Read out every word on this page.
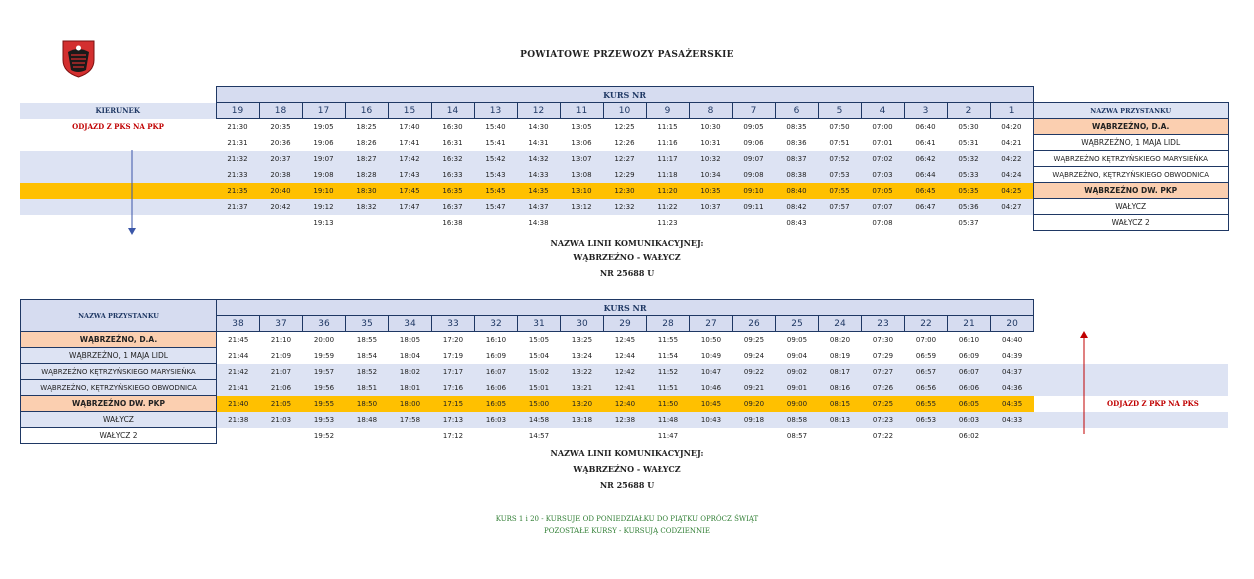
POWIATOWE PRZEWOZY PASAŻERSKIE
	KURS NR																			
KIERUNEK	19	18	17	16	15	14	13	12	11	10	9	8	7	6	5	4	3	2	1	NAZWA PRZYSTANKU
ODJAZD Z PKS NA PKP	21:30	20:35	19:05	18:25	17:40	16:30	15:40	14:30	13:05	12:25	11:15	10:30	09:05	08:35	07:50	07:00	06:40	05:30	04:20	WĄBRZEŹNO, D.A.
	21:31	20:36	19:06	18:26	17:41	16:31	15:41	14:31	13:06	12:26	11:16	10:31	09:06	08:36	07:51	07:01	06:41	05:31	04:21	WĄBRZEŹNO, 1 MAJA LIDL
	21:32	20:37	19:07	18:27	17:42	16:32	15:42	14:32	13:07	12:27	11:17	10:32	09:07	08:37	07:52	07:02	06:42	05:32	04:22	WĄBRZEŹNO KĘTRZYŃSKIEGO MARYSIEŃKA
	21:33	20:38	19:08	18:28	17:43	16:33	15:43	14:33	13:08	12:29	11:18	10:34	09:08	08:38	07:53	07:03	06:44	05:33	04:24	WĄBRZEŹNO, KĘTRZYŃSKIEGO OBWODNICA
	21:35	20:40	19:10	18:30	17:45	16:35	15:45	14:35	13:10	12:30	11:20	10:35	09:10	08:40	07:55	07:05	06:45	05:35	04:25	WĄBRZEŹNO DW. PKP
	21:37	20:42	19:12	18:32	17:47	16:37	15:47	14:37	13:12	12:32	11:22	10:37	09:11	08:42	07:57	07:07	06:47	05:36	04:27	WAŁYCZ
			19:13			16:38		14:38			11:23			08:43		07:08		05:37		WAŁYCZ 2
NAZWA LINII KOMUNIKACYJNEJ:
WĄBRZEŹNO - WAŁYCZ
NR 25688 U
NAZWA PRZYSTANKU	KURS NR																			
	38	37	36	35	34	33	32	31	30	29	28	27	26	25	24	23	22	21	20	
WĄBRZEŹNO, D.A.	21:45	21:10	20:00	18:55	18:05	17:20	16:10	15:05	13:25	12:45	11:55	10:50	09:25	09:05	08:20	07:30	07:00	06:10	04:40	
WĄBRZEŹNO, 1 MAJA LIDL	21:44	21:09	19:59	18:54	18:04	17:19	16:09	15:04	13:24	12:44	11:54	10:49	09:24	09:04	08:19	07:29	06:59	06:09	04:39	
WĄBRZEŹNO KĘTRZYŃSKIEGO MARYSIEŃKA	21:42	21:07	19:57	18:52	18:02	17:17	16:07	15:02	13:22	12:42	11:52	10:47	09:22	09:02	08:17	07:27	06:57	06:07	04:37	
WĄBRZEŹNO, KĘTRZYŃSKIEGO OBWODNICA	21:41	21:06	19:56	18:51	18:01	17:16	16:06	15:01	13:21	12:41	11:51	10:46	09:21	09:01	08:16	07:26	06:56	06:06	04:36	
WĄBRZEŹNO DW. PKP	21:40	21:05	19:55	18:50	18:00	17:15	16:05	15:00	13:20	12:40	11:50	10:45	09:20	09:00	08:15	07:25	06:55	06:05	04:35	ODJAZD Z PKP NA PKS
WAŁYCZ	21:38	21:03	19:53	18:48	17:58	17:13	16:03	14:58	13:18	12:38	11:48	10:43	09:18	08:58	08:13	07:23	06:53	06:03	04:33	
WAŁYCZ 2			19:52			17:12		14:57			11:47			08:57		07:22		06:02		
NAZWA LINII KOMUNIKACYJNEJ:
WĄBRZEŹNO - WAŁYCZ
NR 25688 U
KURS 1 i 20 - KURSUJE OD PONIEDZIAŁKU DO PIĄTKU OPRÓCZ ŚWIĄT
POZOSTAŁE KURSY - KURSUJĄ CODZIENNIE
